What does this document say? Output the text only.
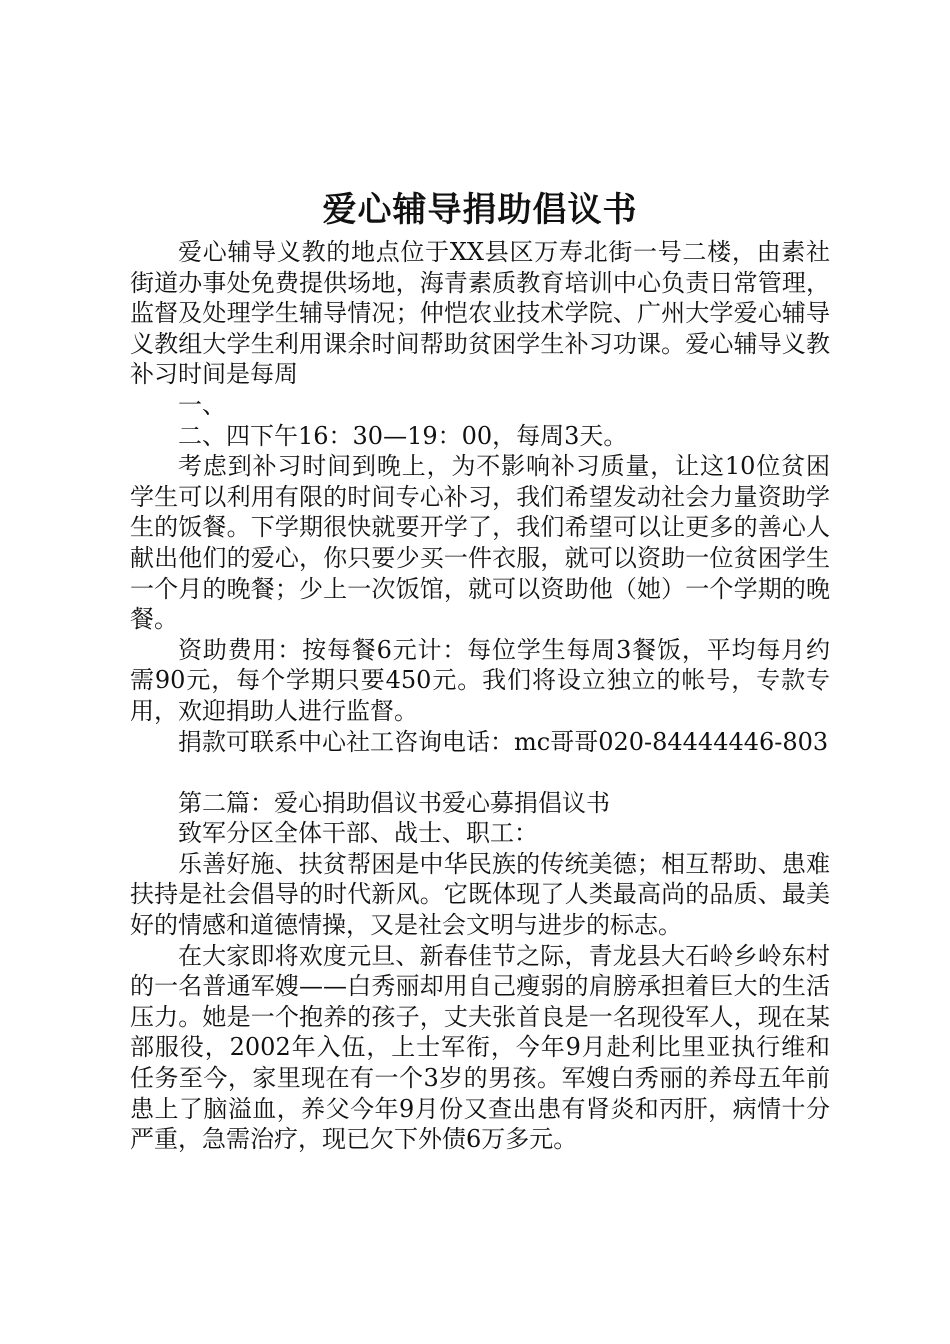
爱心辅导捐助倡议书

爱心辅导义教的地点位于XX县区万寿北街一号二楼，由素社街道办事处免费提供场地，海青素质教育培训中心负责日常管理，监督及处理学生辅导情况；仲恺农业技术学院、广州大学爱心辅导义教组大学生利用课余时间帮助贫困学生补习功课。爱心辅导义教补习时间是每周

一、

二、四下午16：30—19：00，每周3天。

考虑到补习时间到晚上，为不影响补习质量，让这10位贫困学生可以利用有限的时间专心补习，我们希望发动社会力量资助学生的饭餐。下学期很快就要开学了，我们希望可以让更多的善心人献出他们的爱心，你只要少买一件衣服，就可以资助一位贫困学生一个月的晚餐；少上一次饭馆，就可以资助他（她）一个学期的晚餐。

资助费用：按每餐6元计：每位学生每周3餐饭，平均每月约需90元，每个学期只要450元。我们将设立独立的帐号，专款专用，欢迎捐助人进行监督。

捐款可联系中心社工咨询电话：mc哥哥020-84444446-803

第二篇：爱心捐助倡议书爱心募捐倡议书

致军分区全体干部、战士、职工：

乐善好施、扶贫帮困是中华民族的传统美德；相互帮助、患难扶持是社会倡导的时代新风。它既体现了人类最高尚的品质、最美好的情感和道德情操，又是社会文明与进步的标志。

在大家即将欢度元旦、新春佳节之际，青龙县大石岭乡岭东村的一名普通军嫂——白秀丽却用自己瘦弱的肩膀承担着巨大的生活压力。她是一个抱养的孩子，丈夫张首良是一名现役军人，现在某部服役，2002年入伍，上士军衔，今年9月赴利比里亚执行维和任务至今，家里现在有一个3岁的男孩。军嫂白秀丽的养母五年前患上了脑溢血，养父今年9月份又查出患有肾炎和丙肝，病情十分严重，急需治疗，现已欠下外债6万多元。
